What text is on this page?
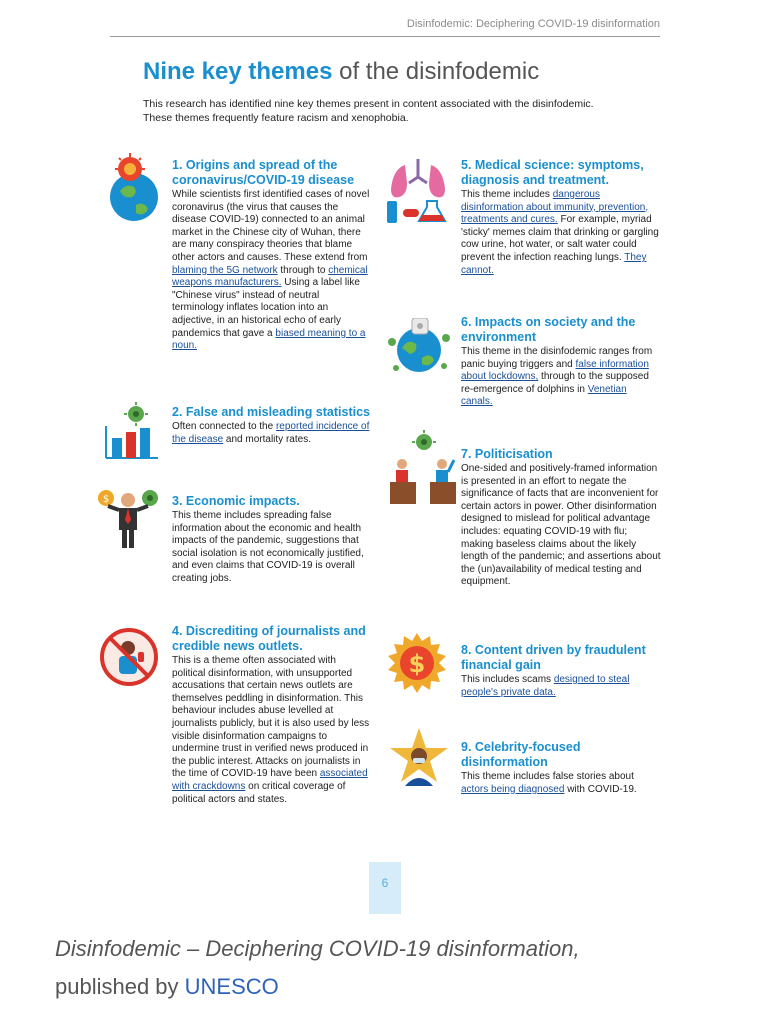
Disinfodemic: Deciphering COVID-19 disinformation
Nine key themes of the disinfodemic
This research has identified nine key themes present in content associated with the disinfodemic. These themes frequently feature racism and xenophobia.
$
$
1. Origins and spread of the coronavirus/COVID-19 disease

While scientists first identified cases of novel coronavirus (the virus that causes the disease COVID-19) connected to an animal market in the Chinese city of Wuhan, there are many conspiracy theories that blame other actors and causes. These extend from blaming the 5G network through to chemical weapons manufacturers. Using a label like "Chinese virus" instead of neutral terminology inflates location into an adjective, in an historical echo of early pandemics that gave a biased meaning to a noun.

2. False and misleading statistics

Often connected to the reported incidence of the disease and mortality rates.

3. Economic impacts.

This theme includes spreading false information about the economic and health impacts of the pandemic, suggestions that social isolation is not economically justified, and even claims that COVID-19 is overall creating jobs.

4. Discrediting of journalists and credible news outlets.

This is a theme often associated with political disinformation, with unsupported accusations that certain news outlets are themselves peddling in disinformation. This behaviour includes abuse levelled at journalists publicly, but it is also used by less visible disinformation campaigns to undermine trust in verified news produced in the public interest. Attacks on journalists in the time of COVID-19 have been associated with crackdowns on critical coverage of political actors and states.

5. Medical science: symptoms, diagnosis and treatment.

This theme includes dangerous disinformation about immunity, prevention, treatments and cures. For example, myriad 'sticky' memes claim that drinking or gargling cow urine, hot water, or salt water could prevent the infection reaching lungs. They cannot.

6. Impacts on society and the environment

This theme in the disinfodemic ranges from panic buying triggers and false information about lockdowns, through to the supposed re-emergence of dolphins in Venetian canals.

7. Politicisation

One-sided and positively-framed information is presented in an effort to negate the significance of facts that are inconvenient for certain actors in power. Other disinformation designed to mislead for political advantage includes: equating COVID-19 with flu; making baseless claims about the likely length of the pandemic; and assertions about the (un)availability of medical testing and equipment.

8. Content driven by fraudulent financial gain

This includes scams designed to steal people's private data.

9. Celebrity-focused disinformation

This theme includes false stories about actors being diagnosed with COVID-19.

6
Disinfodemic – Deciphering COVID-19 disinformation,
published by UNESCO
